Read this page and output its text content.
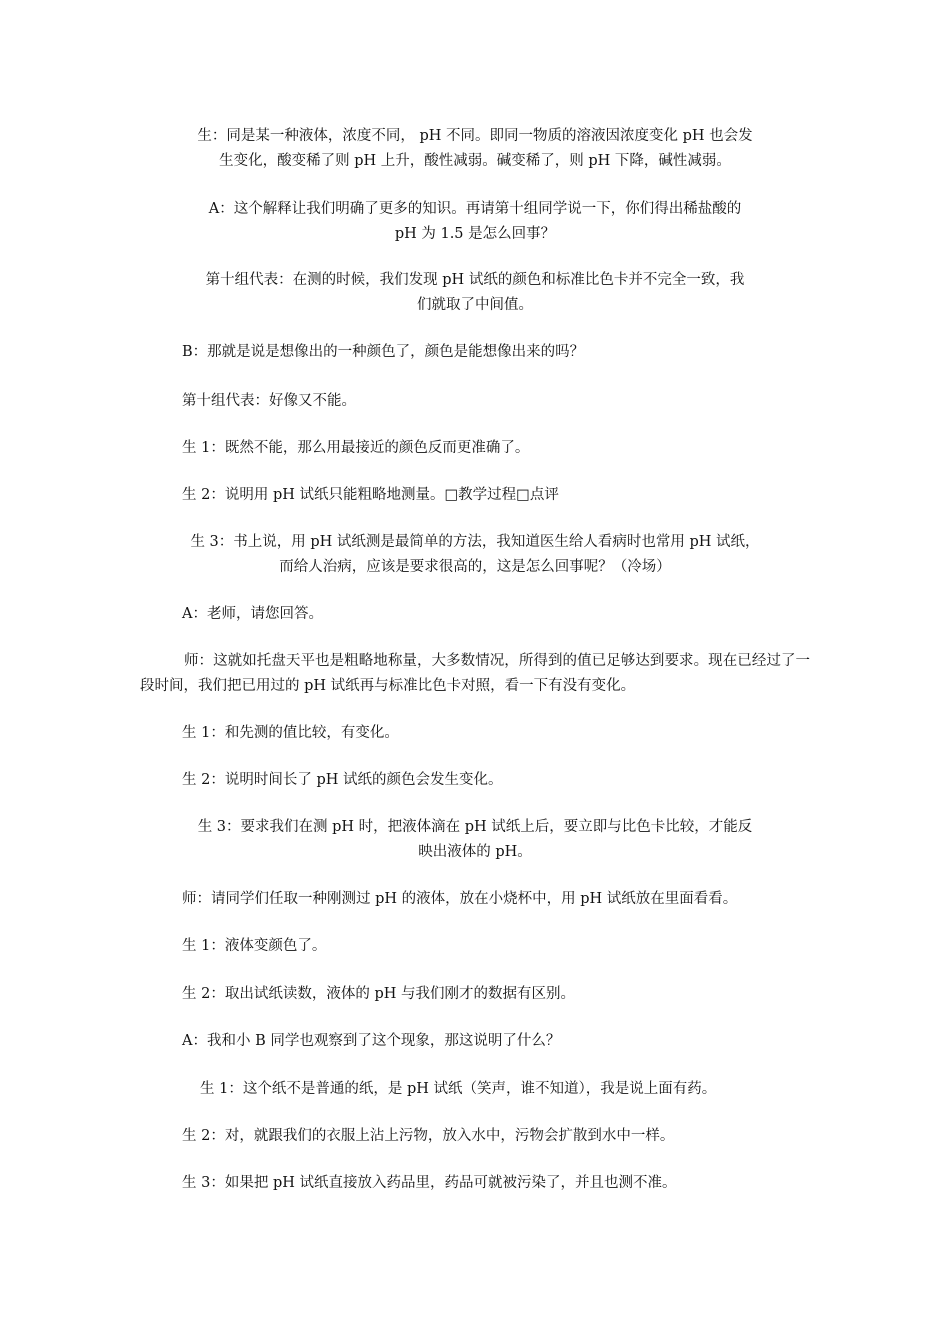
生：同是某一种液体，浓度不同， pH 不同。即同一物质的溶液因浓度变化 pH 也会发
生变化，酸变稀了则 pH 上升，酸性减弱。碱变稀了，则 pH 下降，碱性减弱。
A：这个解释让我们明确了更多的知识。再请第十组同学说一下，你们得出稀盐酸的
pH 为 1.5 是怎么回事？
第十组代表：在测的时候，我们发现 pH 试纸的颜色和标准比色卡并不完全一致，我
们就取了中间值。
B：那就是说是想像出的一种颜色了，颜色是能想像出来的吗？
第十组代表：好像又不能。
生 1：既然不能，那么用最接近的颜色反而更准确了。
生 2：说明用 pH 试纸只能粗略地测量。□教学过程□点评
生 3：书上说，用 pH 试纸测是最简单的方法，我知道医生给人看病时也常用 pH 试纸，
而给人治病，应该是要求很高的，这是怎么回事呢？（冷场）
A：老师，请您回答。
师：这就如托盘天平也是粗略地称量，大多数情况，所得到的值已足够达到要求。现在已经过了一段时间，我们把已用过的 pH 试纸再与标准比色卡对照，看一下有没有变化。
生 1：和先测的值比较，有变化。
生 2：说明时间长了 pH 试纸的颜色会发生变化。
生 3：要求我们在测 pH 时，把液体滴在 pH 试纸上后，要立即与比色卡比较，才能反
映出液体的 pH。
师：请同学们任取一种刚测过 pH 的液体，放在小烧杯中，用 pH 试纸放在里面看看。
生 1：液体变颜色了。
生 2：取出试纸读数，液体的 pH 与我们刚才的数据有区别。
A：我和小 B 同学也观察到了这个现象，那这说明了什么？
生 1：这个纸不是普通的纸，是 pH 试纸（笑声，谁不知道），我是说上面有药。
生 2：对，就跟我们的衣服上沾上污物，放入水中，污物会扩散到水中一样。
生 3：如果把 pH 试纸直接放入药品里，药品可就被污染了，并且也测不准。
